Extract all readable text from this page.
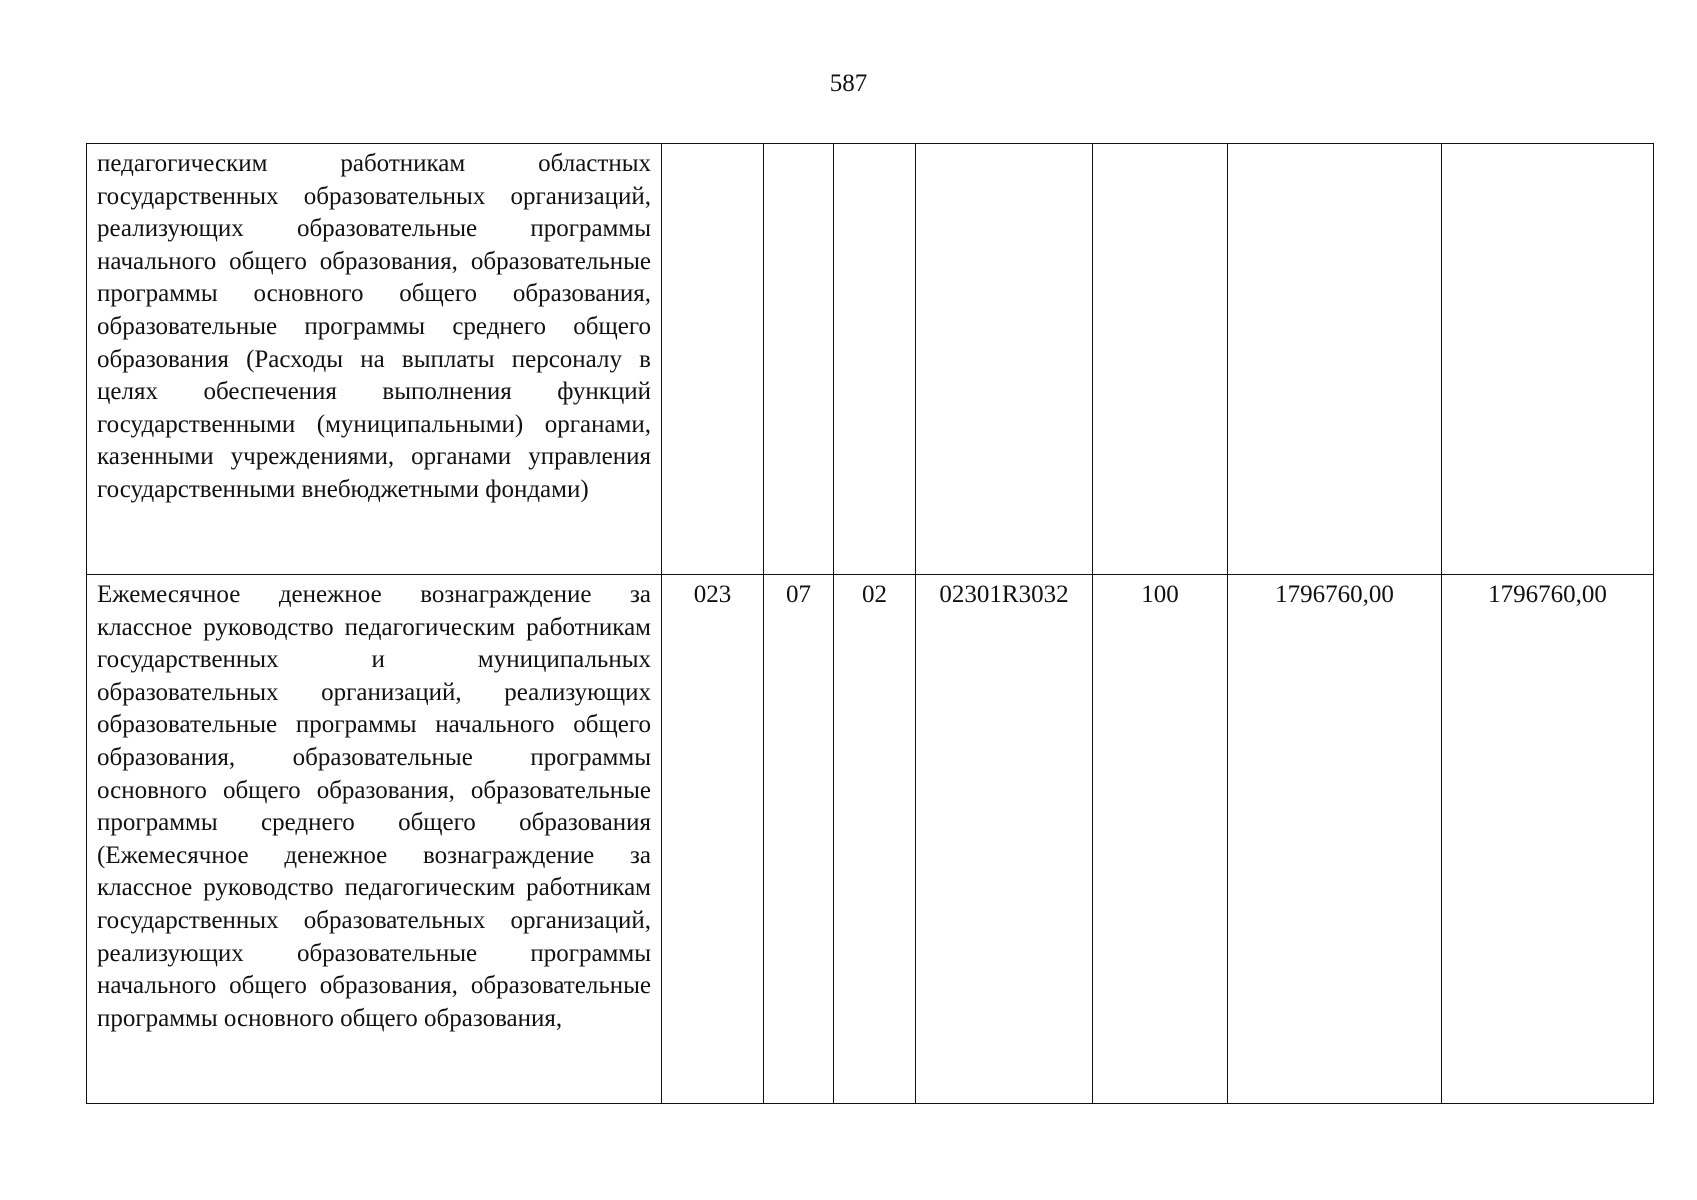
587
педагогическим работникам областных государственных образовательных организаций, реализующих образовательные программы начального общего образования, образовательные программы основного общего образования, образовательные программы среднего общего образования (Расходы на выплаты персоналу в целях обеспечения выполнения функций государственными (муниципальными) органами, казенными учреждениями, органами управления государственными внебюджетными фондами)							

Ежемесячное денежное вознаграждение за классное руководство педагогическим работникам государственных и муниципальных образовательных организаций, реализующих образовательные программы начального общего образования, образовательные программы основного общего образования, образовательные программы среднего общего образования (Ежемесячное денежное вознаграждение за классное руководство педагогическим работникам государственных образовательных организаций, реализующих образовательные программы начального общего образования, образовательные программы основного общего образования,	023	07	02	02301R3032	100	1796760,00	1796760,00
